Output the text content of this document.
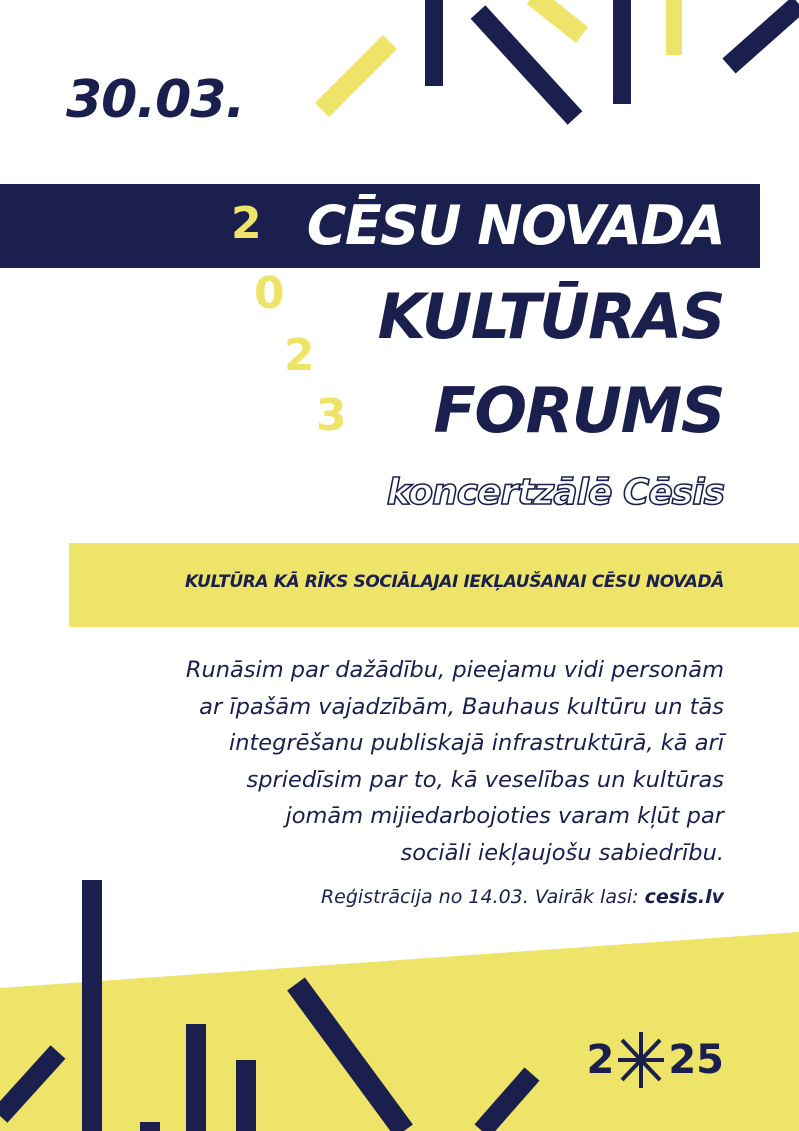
30.03.
CĒSU NOVADA
KULTŪRAS
FORUMS
2
0
2
3
koncertzālē Cēsis
KULTŪRA KĀ RĪKS SOCIĀLAJAI IEKĻAUŠANAI CĒSU NOVADĀ
Runāsim par dažādību, pieejamu vidi personām
ar īpašām vajadzībām, Bauhaus kultūru un tās
integrēšanu publiskajā infrastruktūrā, kā arī
spriedīsim par to, kā veselības un kultūras
jomām mijiedarbojoties varam kļūt par
sociāli iekļaujošu sabiedrību.
Reģistrācija no 14.03. Vairāk lasi: cesis.lv
2 25
